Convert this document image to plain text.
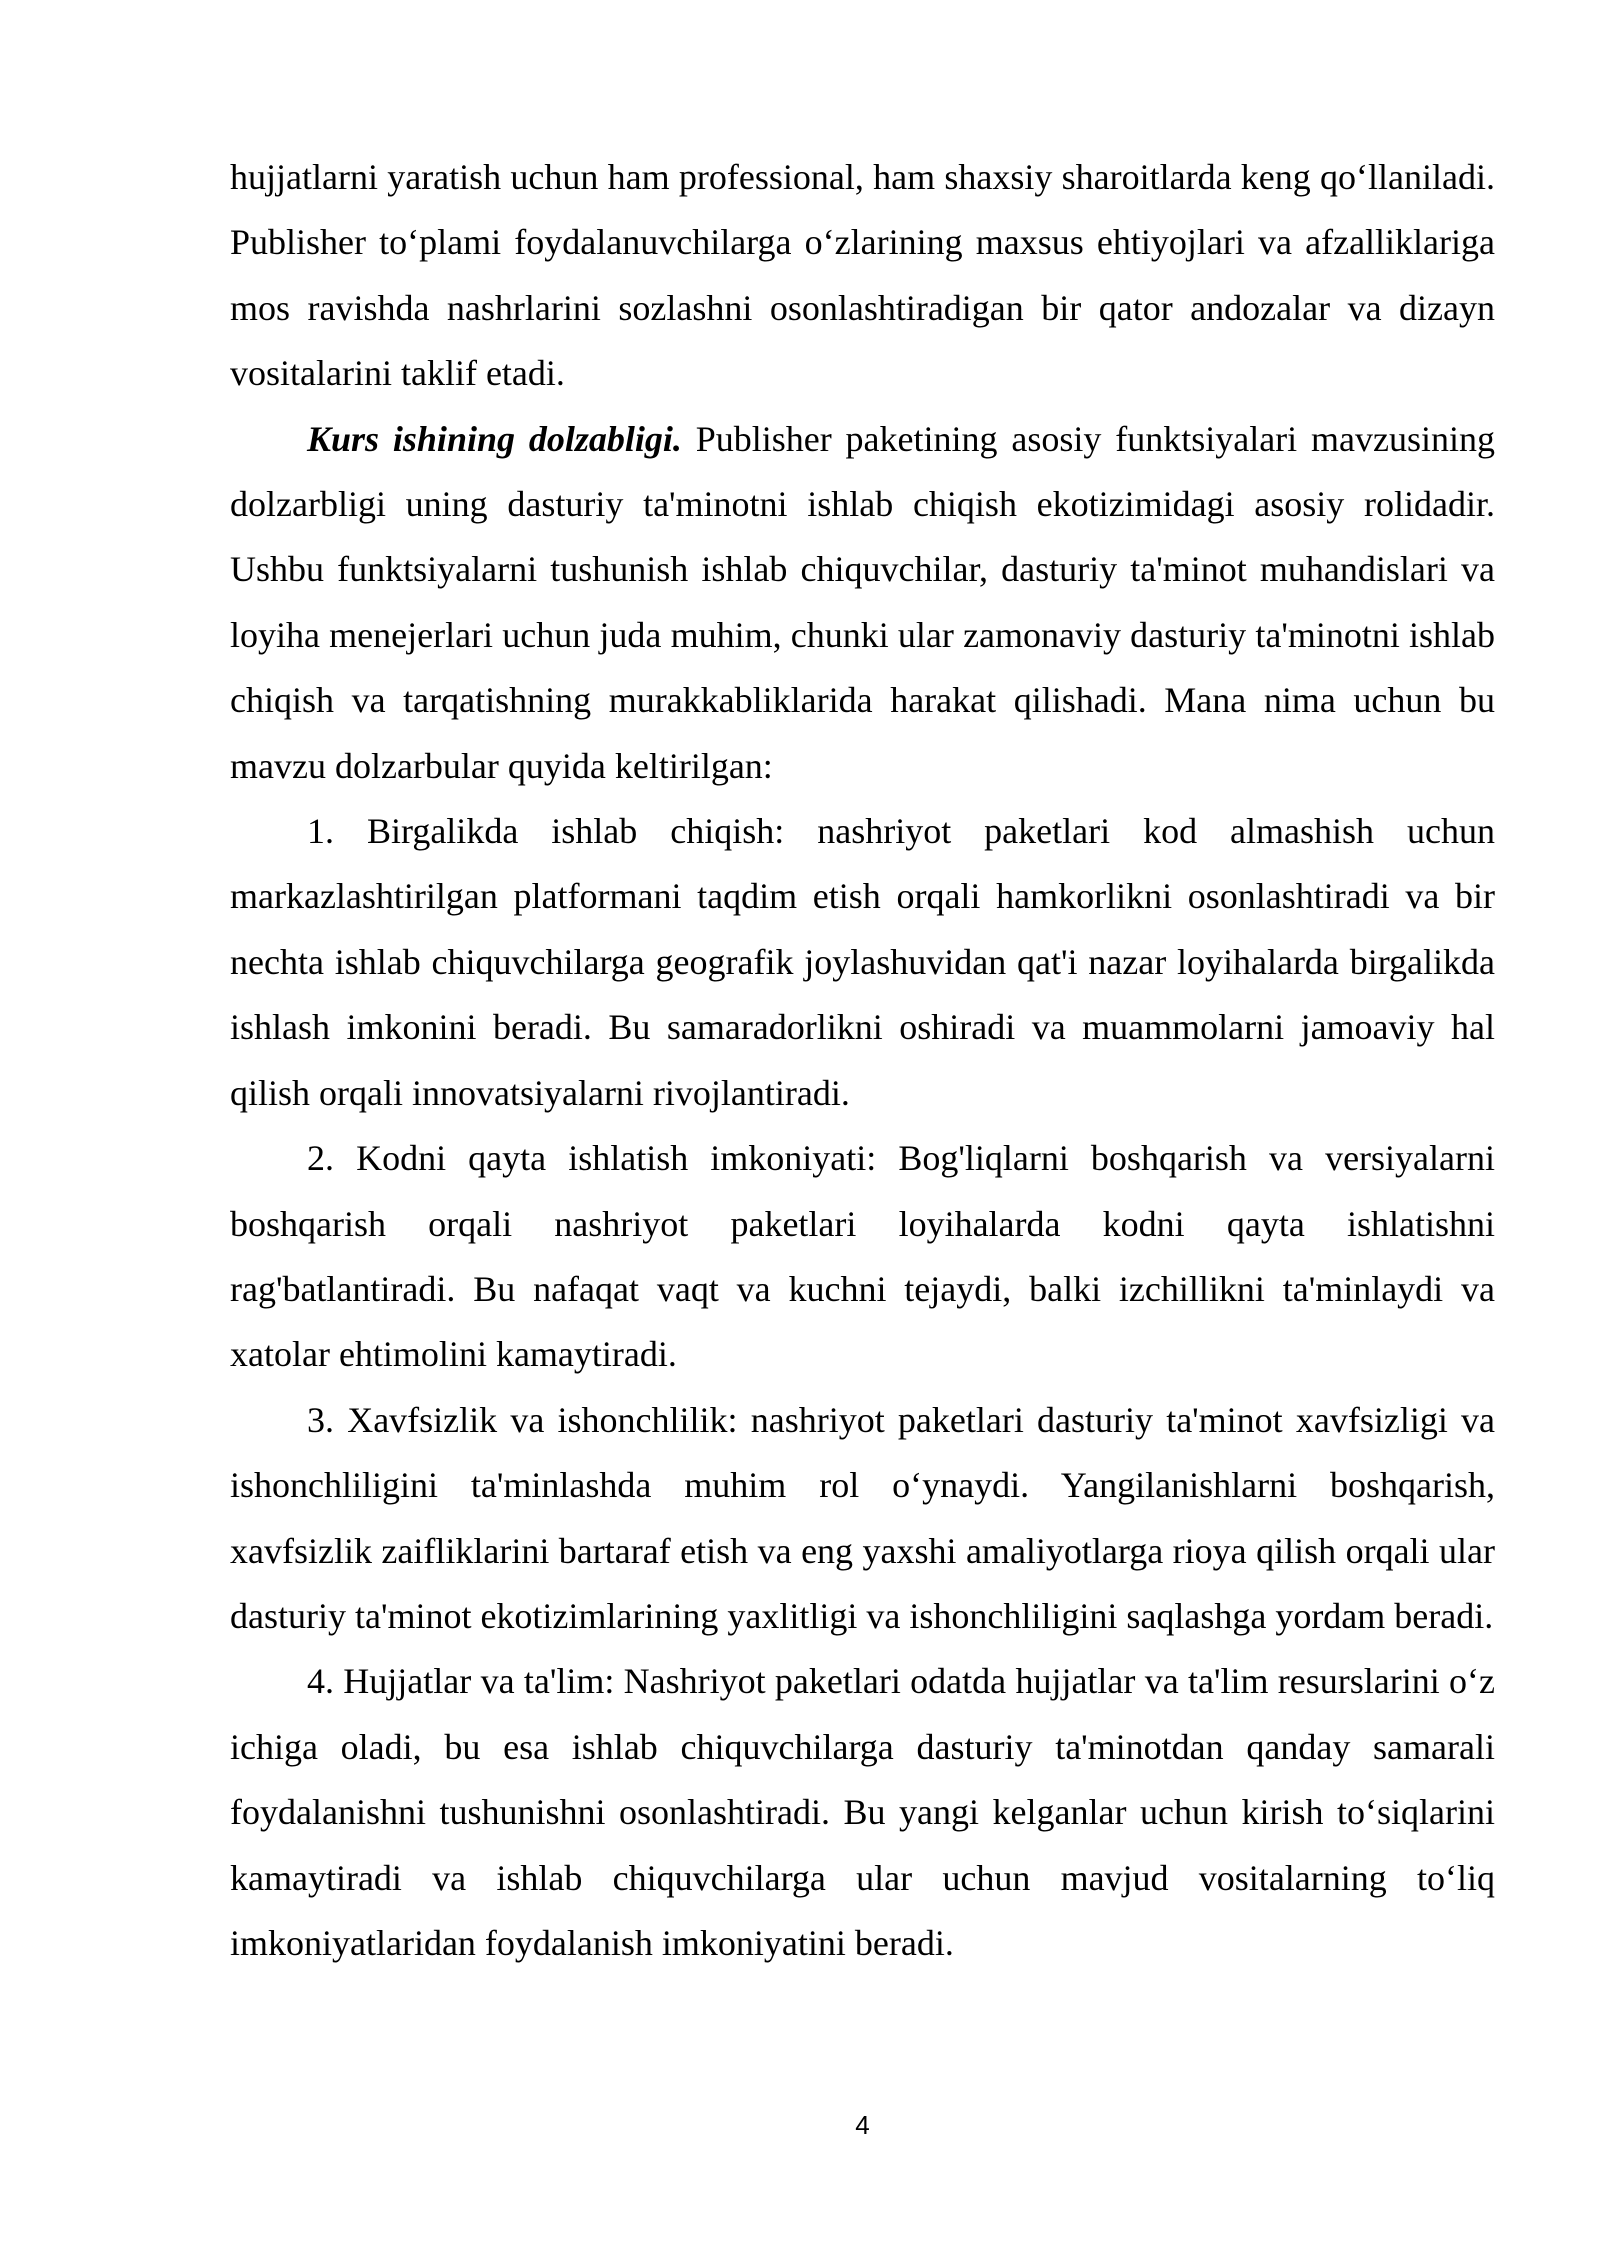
hujjatlarni yaratish uchun ham professional, ham shaxsiy sharoitlarda keng qo‘llaniladi. Publisher to‘plami foydalanuvchilarga o‘zlarining maxsus ehtiyojlari va afzalliklariga mos ravishda nashrlarini sozlashni osonlashtiradigan bir qator andozalar va dizayn vositalarini taklif etadi.

Kurs ishining dolzabligi. Publisher paketining asosiy funktsiyalari mavzusining dolzarbligi uning dasturiy ta'minotni ishlab chiqish ekotizimidagi asosiy rolidadir. Ushbu funktsiyalarni tushunish ishlab chiquvchilar, dasturiy ta'minot muhandislari va loyiha menejerlari uchun juda muhim, chunki ular zamonaviy dasturiy ta'minotni ishlab chiqish va tarqatishning murakkabliklarida harakat qilishadi. Mana nima uchun bu mavzu dolzarbular quyida keltirilgan:

1. Birgalikda ishlab chiqish: nashriyot paketlari kod almashish uchun markazlashtirilgan platformani taqdim etish orqali hamkorlikni osonlashtiradi va bir nechta ishlab chiquvchilarga geografik joylashuvidan qat'i nazar loyihalarda birgalikda ishlash imkonini beradi. Bu samaradorlikni oshiradi va muammolarni jamoaviy hal qilish orqali innovatsiyalarni rivojlantiradi.

2. Kodni qayta ishlatish imkoniyati: Bog'liqlarni boshqarish va versiyalarni boshqarish orqali nashriyot paketlari loyihalarda kodni qayta ishlatishni rag'batlantiradi. Bu nafaqat vaqt va kuchni tejaydi, balki izchillikni ta'minlaydi va xatolar ehtimolini kamaytiradi.

3. Xavfsizlik va ishonchlilik: nashriyot paketlari dasturiy ta'minot xavfsizligi va ishonchliligini ta'minlashda muhim rol o‘ynaydi. Yangilanishlarni boshqarish, xavfsizlik zaifliklarini bartaraf etish va eng yaxshi amaliyotlarga rioya qilish orqali ular dasturiy ta'minot ekotizimlarining yaxlitligi va ishonchliligini saqlashga yordam beradi.

4. Hujjatlar va ta'lim: Nashriyot paketlari odatda hujjatlar va ta'lim resurslarini o‘z ichiga oladi, bu esa ishlab chiquvchilarga dasturiy ta'minotdan qanday samarali foydalanishni tushunishni osonlashtiradi. Bu yangi kelganlar uchun kirish to‘siqlarini kamaytiradi va ishlab chiquvchilarga ular uchun mavjud vositalarning to‘liq imkoniyatlaridan foydalanish imkoniyatini beradi.

4
